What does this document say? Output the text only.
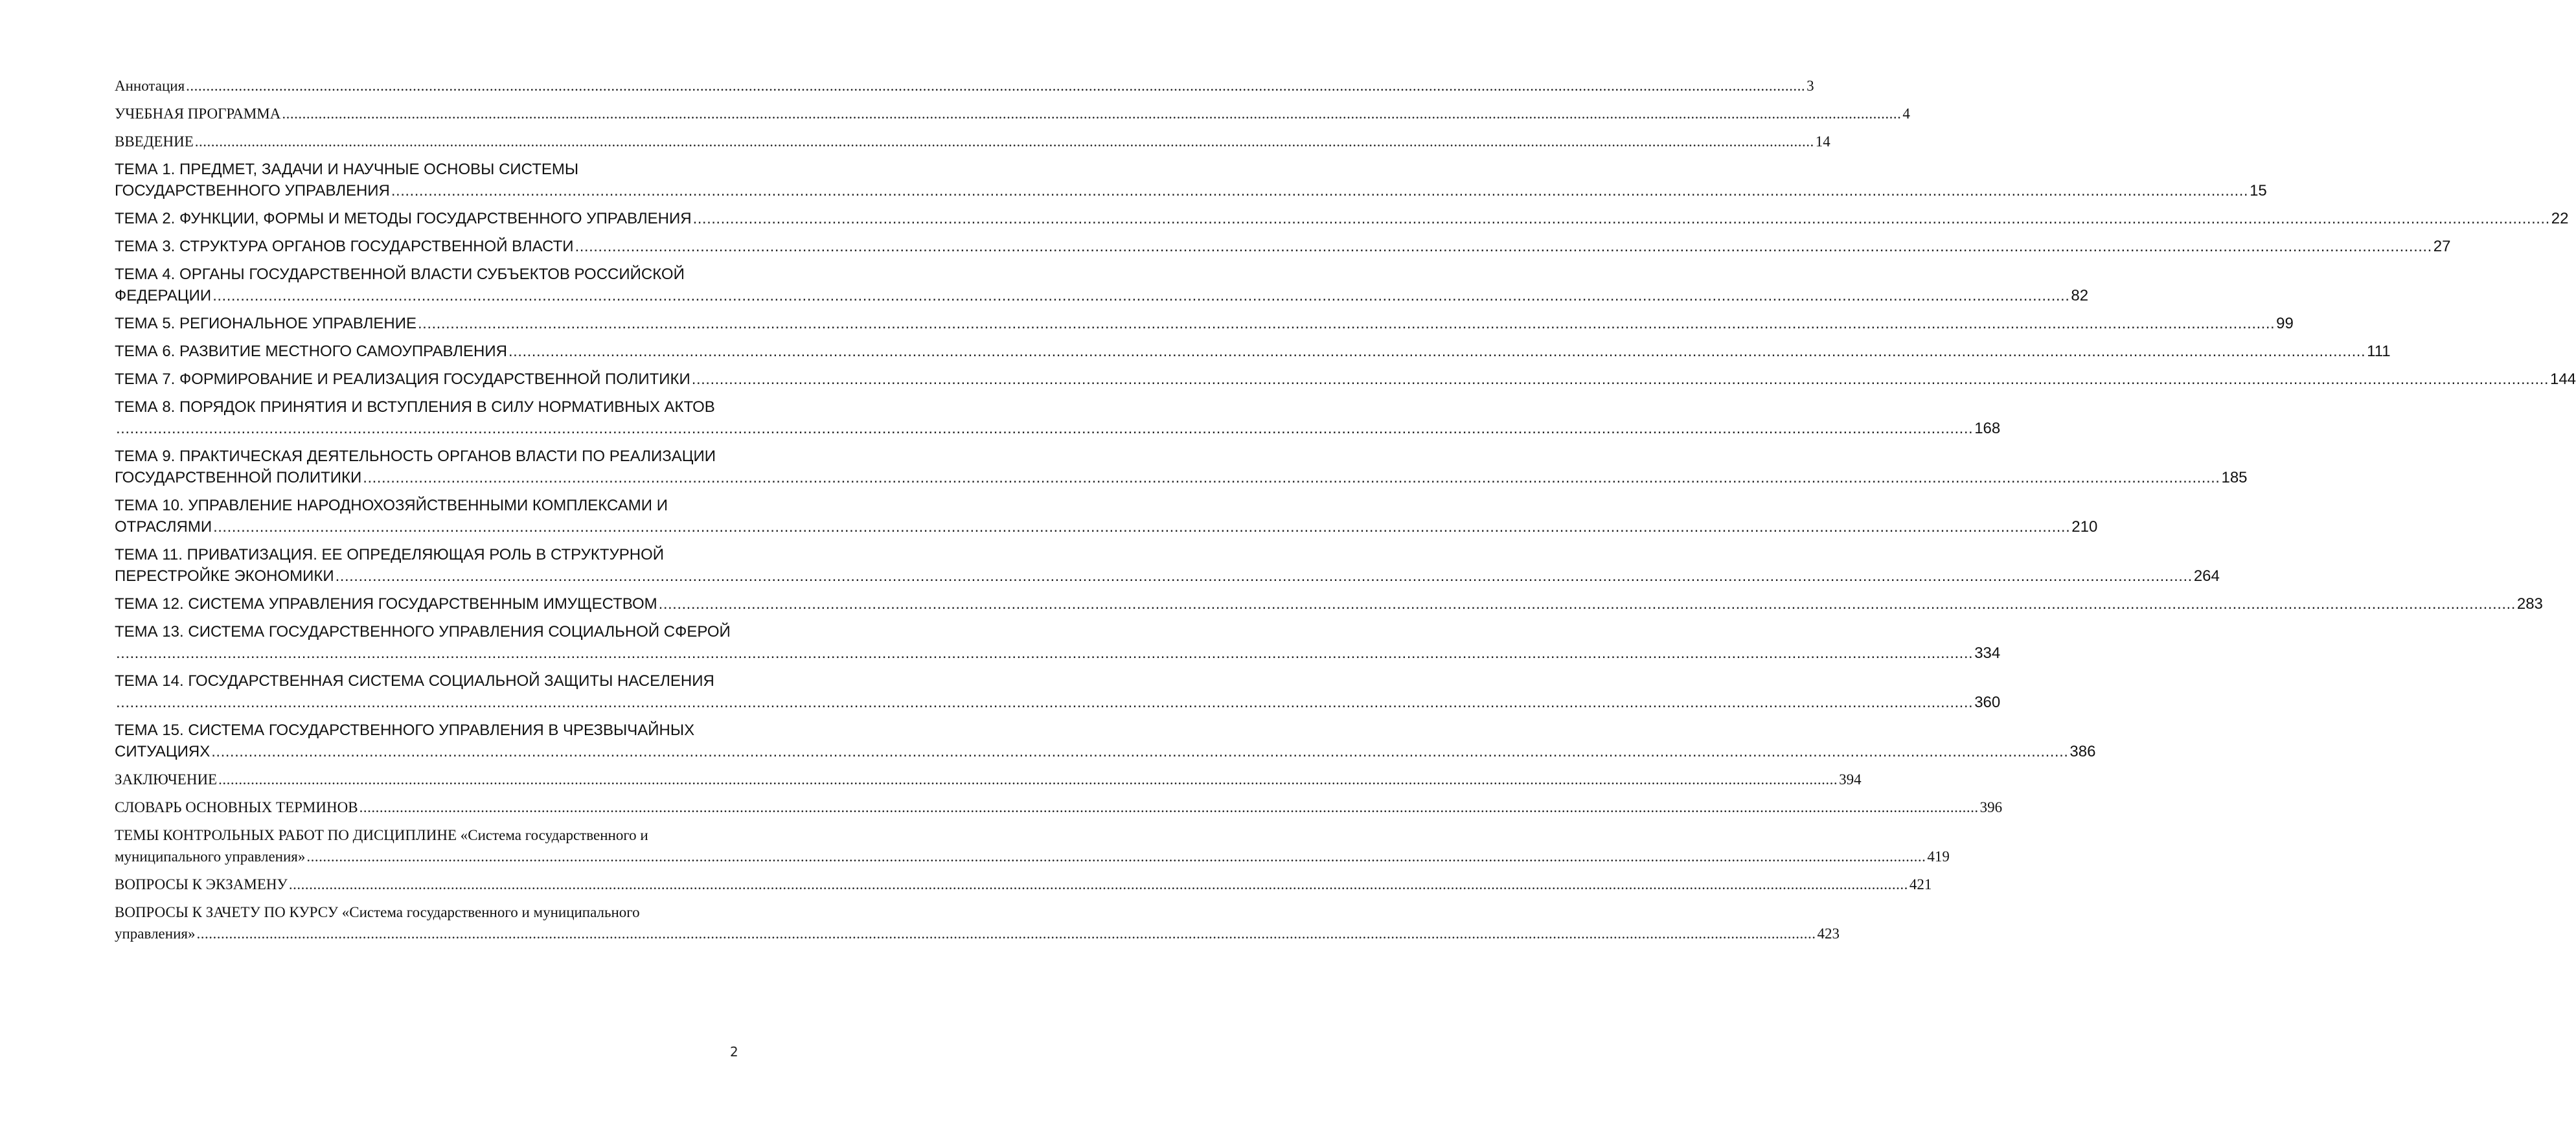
Аннотация ................................................................................................................................................................................................................................................................................................................................................................................................................ 3
УЧЕБНАЯ ПРОГРАММА ................................................................................................................................................................................................................................................................................................................................................................................................................ 4
ВВЕДЕНИЕ ................................................................................................................................................................................................................................................................................................................................................................................................................ 14
ТЕМА 1. ПРЕДМЕТ, ЗАДАЧИ И НАУЧНЫЕ ОСНОВЫ СИСТЕМЫ
ГОСУДАРСТВЕННОГО УПРАВЛЕНИЯ ................................................................................................................................................................................................................................................................................................................................................................................................................ 15
ТЕМА 2. ФУНКЦИИ, ФОРМЫ И МЕТОДЫ ГОСУДАРСТВЕННОГО УПРАВЛЕНИЯ ................................................................................................................................................................................................................................................................................................................................................................................................................ 22
ТЕМА 3. СТРУКТУРА ОРГАНОВ ГОСУДАРСТВЕННОЙ ВЛАСТИ ................................................................................................................................................................................................................................................................................................................................................................................................................ 27
ТЕМА 4. ОРГАНЫ ГОСУДАРСТВЕННОЙ ВЛАСТИ СУБЪЕКТОВ РОССИЙСКОЙ
ФЕДЕРАЦИИ ................................................................................................................................................................................................................................................................................................................................................................................................................ 82
ТЕМА 5. РЕГИОНАЛЬНОЕ УПРАВЛЕНИЕ ................................................................................................................................................................................................................................................................................................................................................................................................................ 99
ТЕМА 6. РАЗВИТИЕ МЕСТНОГО САМОУПРАВЛЕНИЯ ................................................................................................................................................................................................................................................................................................................................................................................................................ 111
ТЕМА 7. ФОРМИРОВАНИЕ И РЕАЛИЗАЦИЯ ГОСУДАРСТВЕННОЙ ПОЛИТИКИ ................................................................................................................................................................................................................................................................................................................................................................................................................ 144
ТЕМА 8. ПОРЯДОК ПРИНЯТИЯ И ВСТУПЛЕНИЯ В СИЛУ НОРМАТИВНЫХ АКТОВ
................................................................................................................................................................................................................................................................................................................................................................................................................ 168
ТЕМА 9. ПРАКТИЧЕСКАЯ ДЕЯТЕЛЬНОСТЬ ОРГАНОВ ВЛАСТИ ПО РЕАЛИЗАЦИИ
ГОСУДАРСТВЕННОЙ ПОЛИТИКИ ................................................................................................................................................................................................................................................................................................................................................................................................................ 185
ТЕМА 10. УПРАВЛЕНИЕ НАРОДНОХОЗЯЙСТВЕННЫМИ КОМПЛЕКСАМИ И
ОТРАСЛЯМИ ................................................................................................................................................................................................................................................................................................................................................................................................................ 210
ТЕМА 11. ПРИВАТИЗАЦИЯ. ЕЕ ОПРЕДЕЛЯЮЩАЯ РОЛЬ В СТРУКТУРНОЙ
ПЕРЕСТРОЙКЕ ЭКОНОМИКИ ................................................................................................................................................................................................................................................................................................................................................................................................................ 264
ТЕМА 12. СИСТЕМА УПРАВЛЕНИЯ ГОСУДАРСТВЕННЫМ ИМУЩЕСТВОМ ................................................................................................................................................................................................................................................................................................................................................................................................................ 283
ТЕМА 13. СИСТЕМА ГОСУДАРСТВЕННОГО УПРАВЛЕНИЯ СОЦИАЛЬНОЙ СФЕРОЙ
................................................................................................................................................................................................................................................................................................................................................................................................................ 334
ТЕМА 14. ГОСУДАРСТВЕННАЯ СИСТЕМА СОЦИАЛЬНОЙ ЗАЩИТЫ НАСЕЛЕНИЯ
................................................................................................................................................................................................................................................................................................................................................................................................................ 360
ТЕМА 15. СИСТЕМА ГОСУДАРСТВЕННОГО УПРАВЛЕНИЯ В ЧРЕЗВЫЧАЙНЫХ
СИТУАЦИЯХ ................................................................................................................................................................................................................................................................................................................................................................................................................ 386
ЗАКЛЮЧЕНИЕ ................................................................................................................................................................................................................................................................................................................................................................................................................ 394
СЛОВАРЬ ОСНОВНЫХ ТЕРМИНОВ ................................................................................................................................................................................................................................................................................................................................................................................................................ 396
ТЕМЫ КОНТРОЛЬНЫХ РАБОТ ПО ДИСЦИПЛИНЕ «Система государственного и
муниципального управления» ................................................................................................................................................................................................................................................................................................................................................................................................................ 419
ВОПРОСЫ К ЭКЗАМЕНУ ................................................................................................................................................................................................................................................................................................................................................................................................................ 421
ВОПРОСЫ К ЗАЧЕТУ ПО КУРСУ «Система государственного и муниципального
управления» ................................................................................................................................................................................................................................................................................................................................................................................................................ 423
2
